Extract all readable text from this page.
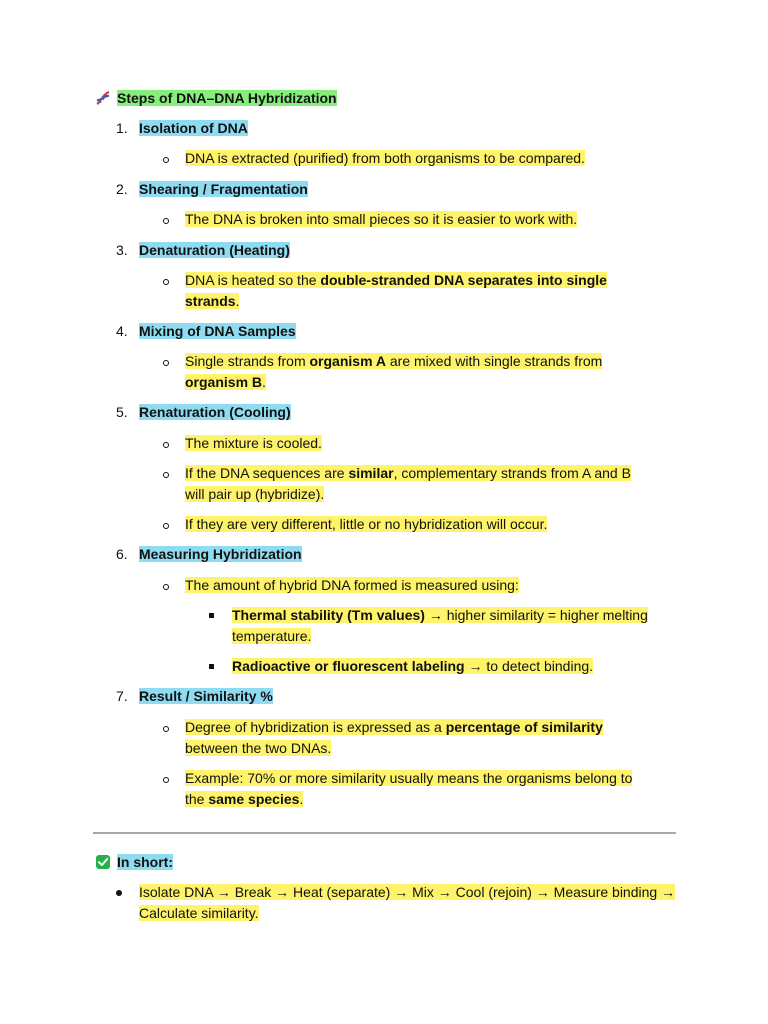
Steps of DNA–DNA Hybridization
1. Isolation of DNA
DNA is extracted (purified) from both organisms to be compared.
2. Shearing / Fragmentation
The DNA is broken into small pieces so it is easier to work with.
3. Denaturation (Heating)
DNA is heated so the double-stranded DNA separates into single
strands.
4. Mixing of DNA Samples
Single strands from organism A are mixed with single strands from
organism B.
5. Renaturation (Cooling)
The mixture is cooled.
If the DNA sequences are similar, complementary strands from A and B
will pair up (hybridize).
If they are very different, little or no hybridization will occur.
6. Measuring Hybridization
The amount of hybrid DNA formed is measured using:
Thermal stability (Tm values) → higher similarity = higher melting
temperature.
Radioactive or fluorescent labeling → to detect binding.
7. Result / Similarity %
Degree of hybridization is expressed as a percentage of similarity
between the two DNAs.
Example: 70% or more similarity usually means the organisms belong to
the same species.
In short:
Isolate DNA → Break → Heat (separate) → Mix → Cool (rejoin) → Measure binding →
Calculate similarity.
